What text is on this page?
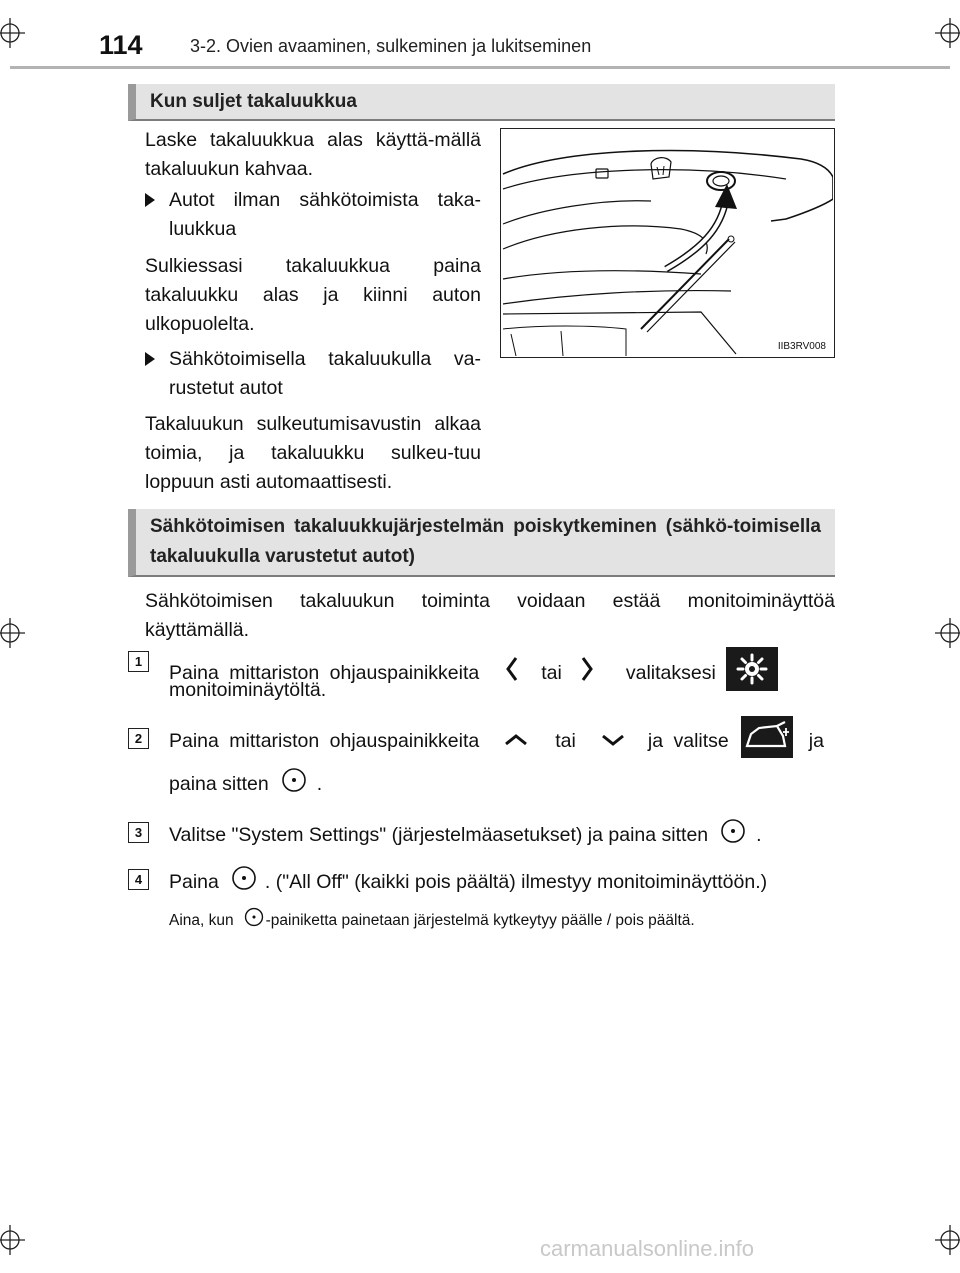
114	3-2. Ovien avaaminen, sulkeminen ja lukitseminen
Kun suljet takaluukkua
Laske takaluukkua alas käyttä-mällä takaluukun kahvaa.
Autot ilman sähkötoimista taka-luukkua
Sulkiessasi takaluukkua paina takaluukku alas ja kiinni auton ulkopuolelta.
Sähkötoimisella takaluukulla va-rustetut autot
Takaluukun sulkeutumisavustin alkaa toimia, ja takaluukku sulkeu-tuu loppuun asti automaattisesti.
IIB3RV008
Sähkötoimisen takaluukkujärjestelmän poiskytkeminen (sähkö-toimisella takaluukulla varustetut autot)
Sähkötoimisen takaluukun toiminta voidaan estää monitoiminäyttöä käyttämällä.
1
Paina mittariston ohjauspainikkeita	tai	valitaksesi
monitoiminäytöltä.
2	Paina mittariston ohjauspainikkeita	tai	ja valitse	ja
paina sitten .
3	Valitse "System Settings" (järjestelmäasetukset) ja paina sitten .
4	Paina . ("All Off" (kaikki pois päältä) ilmestyy monitoiminäyttöön.)
Aina, kun -painiketta painetaan järjestelmä kytkeytyy päälle / pois päältä.
carmanualsonline.info
